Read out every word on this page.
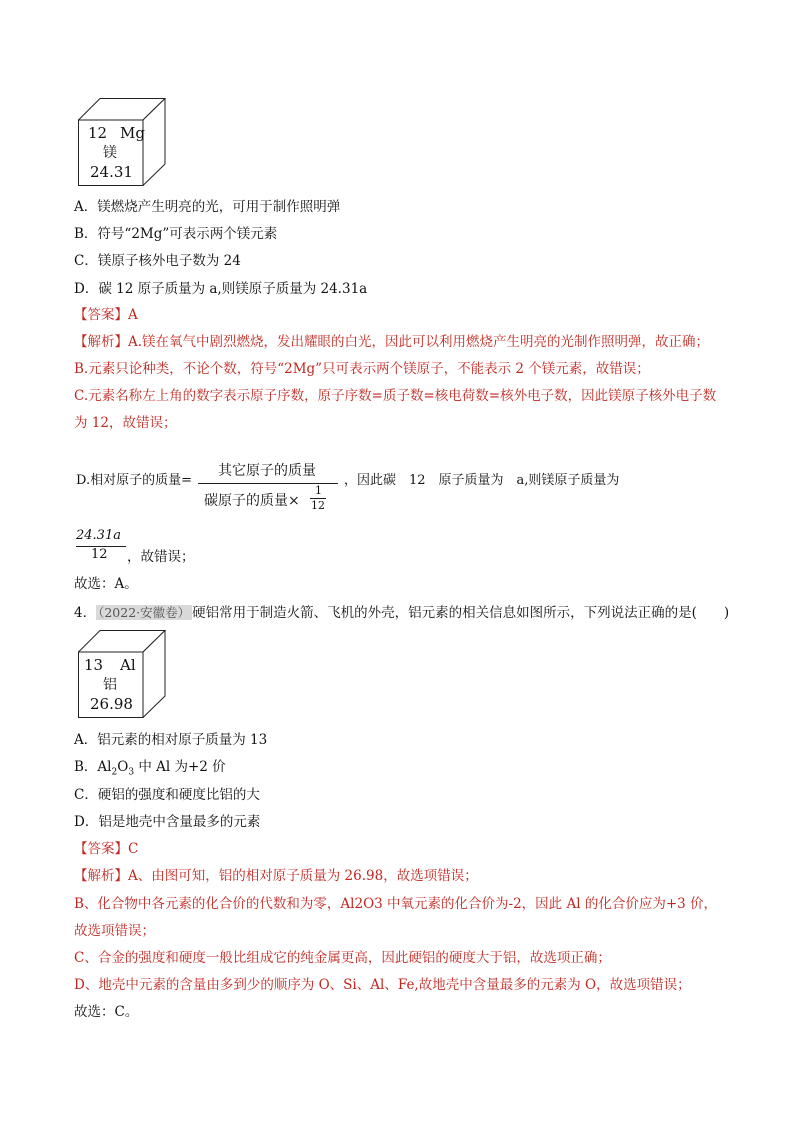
12 Mg
镁
24.31
A．镁燃烧产生明亮的光，可用于制作照明弹
B．符号“2Mg”可表示两个镁元素
C．镁原子核外电子数为 24
D．碳 12 原子质量为 a,则镁原子质量为 24.31a
【答案】A
【解析】A.镁在氧气中剧烈燃烧，发出耀眼的白光，因此可以利用燃烧产生明亮的光制作照明弹，故正确；
B.元素只论种类，不论个数，符号“2Mg”只可表示两个镁原子，不能表示 2 个镁元素，故错误；
C.元素名称左上角的数字表示原子序数，原子序数=质子数=核电荷数=核外电子数，因此镁原子核外电子数
为 12，故错误；
D.相对原子的质量=
其它原子的质量
碳原子的质量×
1
12
，因此碳　12　原子质量为　a,则镁原子质量为
24.31a
12 ，故错误；
故选：A。
4． （2022·安徽卷） 硬铝常用于制造火箭、飞机的外壳，铝元素的相关信息如图所示，下列说法正确的是(　　)
13 Al
铝
26.98
A．铝元素的相对原子质量为 13
B．$Al_2O_3$ 中 Al 为+2 价
C．硬铝的强度和硬度比铝的大
D．铝是地壳中含量最多的元素
【答案】C
【解析】A、由图可知，铝的相对原子质量为 26.98，故选项错误；
B、化合物中各元素的化合价的代数和为零，Al2O3 中氧元素的化合价为-2，因此 Al 的化合价应为+3 价，
故选项错误；
C、合金的强度和硬度一般比组成它的纯金属更高，因此硬铝的硬度大于铝，故选项正确；
D、地壳中元素的含量由多到少的顺序为 O、Si、Al、Fe,故地壳中含量最多的元素为 O，故选项错误；
故选：C。
